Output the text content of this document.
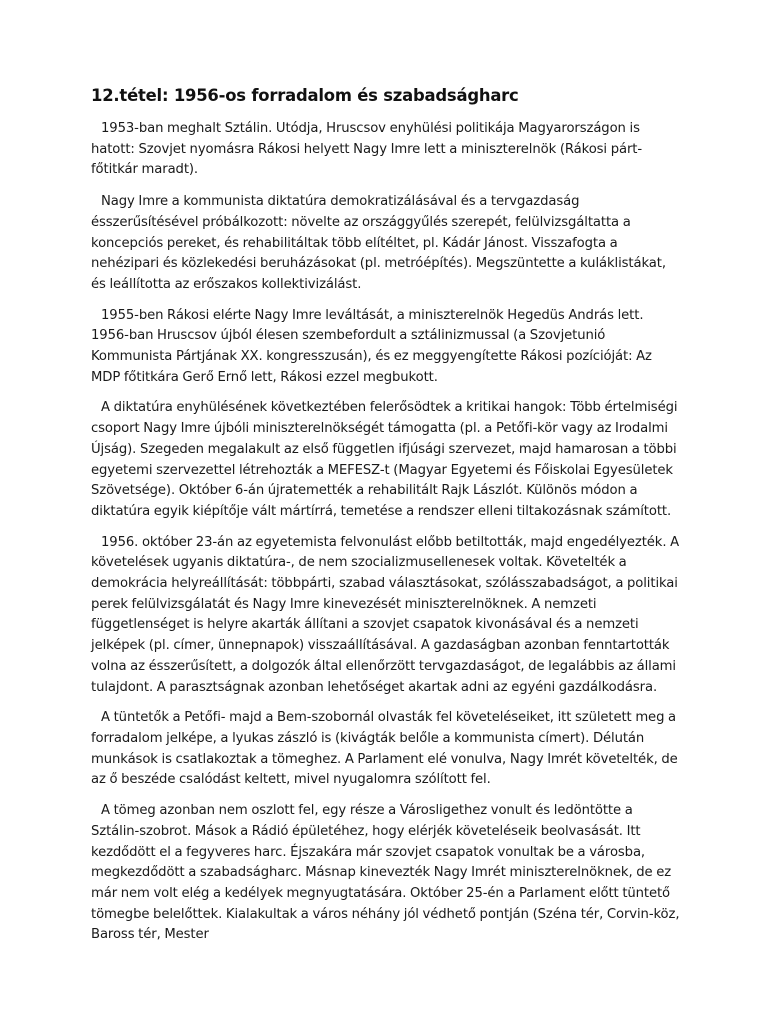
12.tétel: 1956-os forradalom és szabadságharc

1953-ban meghalt Sztálin. Utódja, Hruscsov enyhülési politikája Magyarországon is hatott: Szovjet nyomásra Rákosi helyett Nagy Imre lett a miniszterelnök (Rákosi párt-főtitkár maradt).

Nagy Imre a kommunista diktatúra demokratizálásával és a tervgazdaság ésszerűsítésével próbálkozott: növelte az országgyűlés szerepét, felülvizsgáltatta a koncepciós pereket, és rehabilitáltak több elítéltet, pl. Kádár Jánost. Visszafogta a nehézipari és közlekedési beruházásokat (pl. metróépítés). Megszüntette a kuláklistákat, és leállította az erőszakos kollektivizálást.

1955-ben Rákosi elérte Nagy Imre leváltását, a miniszterelnök Hegedüs András lett. 1956-ban Hruscsov újból élesen szembefordult a sztálinizmussal (a Szovjetunió Kommunista Pártjának XX. kongresszusán), és ez meggyengítette Rákosi pozícióját: Az MDP főtitkára Gerő Ernő lett, Rákosi ezzel megbukott.

A diktatúra enyhülésének következtében felerősödtek a kritikai hangok: Több értelmiségi csoport Nagy Imre újbóli miniszterelnökségét támogatta (pl. a Petőfi-kör vagy az Irodalmi Újság). Szegeden megalakult az első független ifjúsági szervezet, majd hamarosan a többi egyetemi szervezettel létrehozták a MEFESZ-t (Magyar Egyetemi és Főiskolai Egyesületek Szövetsége). Október 6-án újratemették a rehabilitált Rajk Lászlót. Különös módon a diktatúra egyik kiépítője vált mártírrá, temetése a rendszer elleni tiltakozásnak számított.

1956. október 23-án az egyetemista felvonulást előbb betiltották, majd engedélyezték. A követelések ugyanis diktatúra-, de nem szocializmusellenesek voltak. Követelték a demokrácia helyreállítását: többpárti, szabad választásokat, szólásszabadságot, a politikai perek felülvizsgálatát és Nagy Imre kinevezését miniszterelnöknek. A nemzeti függetlenséget is helyre akarták állítani a szovjet csapatok kivonásával és a nemzeti jelképek (pl. címer, ünnepnapok) visszaállításával. A gazdaságban azonban fenntartották volna az ésszerűsített, a dolgozók által ellenőrzött tervgazdaságot, de legalábbis az állami tulajdont. A parasztságnak azonban lehetőséget akartak adni az egyéni gazdálkodásra.

A tüntetők a Petőfi- majd a Bem-szobornál olvasták fel követeléseiket, itt született meg a forradalom jelképe, a lyukas zászló is (kivágták belőle a kommunista címert). Délután munkások is csatlakoztak a tömeghez. A Parlament elé vonulva, Nagy Imrét követelték, de az ő beszéde csalódást keltett, mivel nyugalomra szólított fel.

A tömeg azonban nem oszlott fel, egy része a Városligethez vonult és ledöntötte a Sztálin-szobrot. Mások a Rádió épületéhez, hogy elérjék követeléseik beolvasását. Itt kezdődött el a fegyveres harc. Éjszakára már szovjet csapatok vonultak be a városba, megkezdődött a szabadságharc. Másnap kinevezték Nagy Imrét miniszterelnöknek, de ez már nem volt elég a kedélyek megnyugtatására. Október 25-én a Parlament előtt tüntető tömegbe belelőttek. Kialakultak a város néhány jól védhető pontján (Széna tér, Corvin-köz, Baross tér, Mester
